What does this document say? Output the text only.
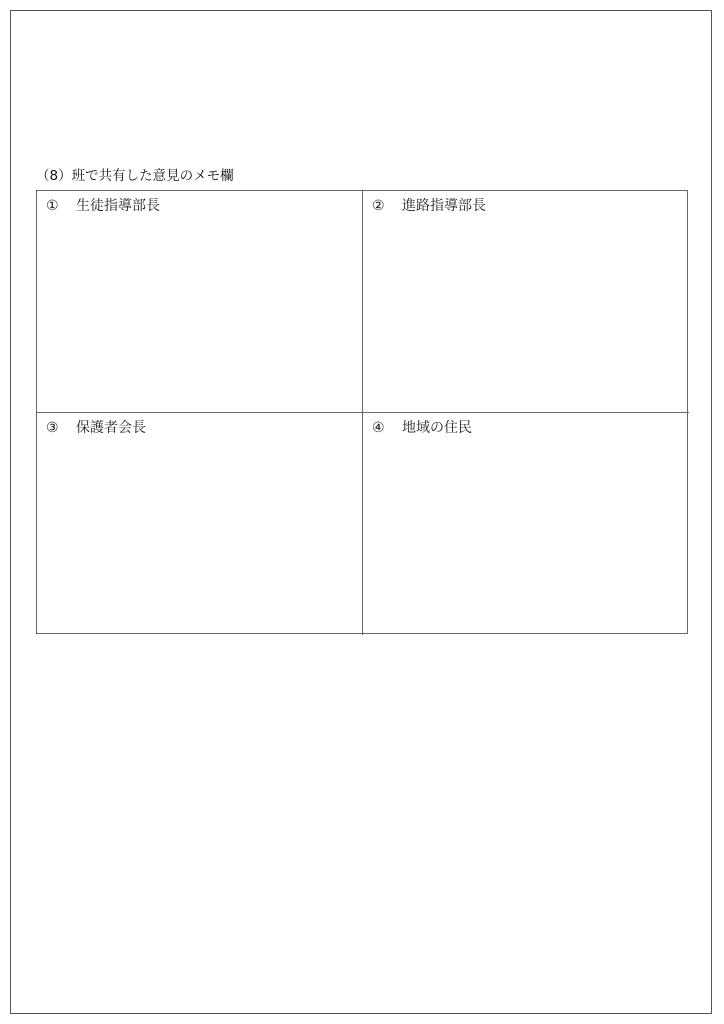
（8）班で共有した意見のメモ欄
① 生徒指導部長	② 進路指導部長
③ 保護者会長	④ 地域の住民
